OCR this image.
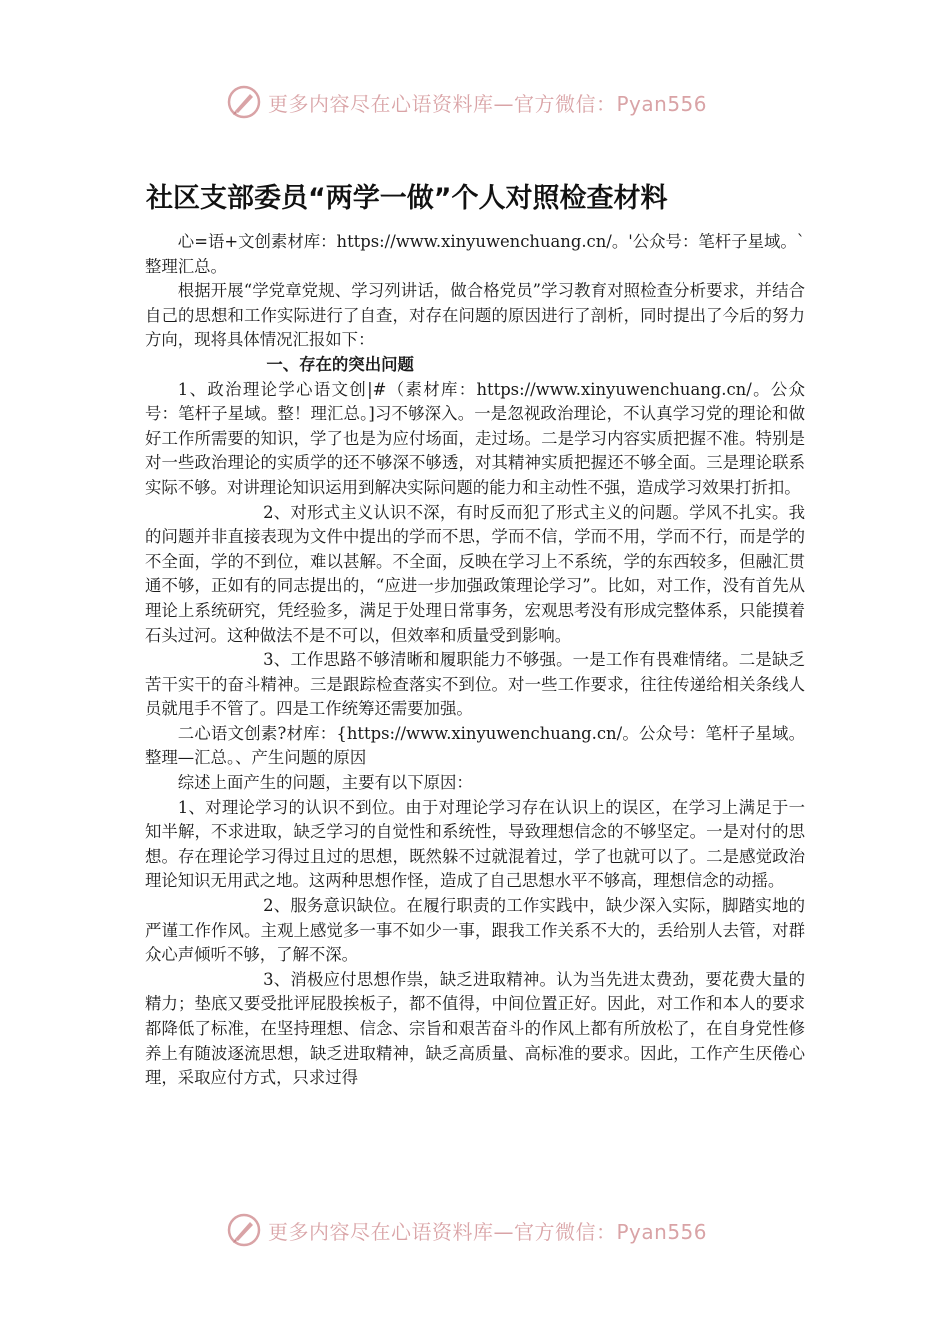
更多内容尽在心语资料库—官方微信：Pyan556
社区支部委员“两学一做”个人对照检查材料

心=语+文创素材库：https://www.xinyuwenchuang.cn/。'公众号：笔杆子星域。`整理汇总。

根据开展“学党章党规、学习列讲话，做合格党员”学习教育对照检查分析要求，并结合自己的思想和工作实际进行了自查，对存在问题的原因进行了剖析，同时提出了今后的努力方向，现将具体情况汇报如下：

一、存在的突出问题

1、政治理论学心语文创|#（素材库：https://www.xinyuwenchuang.cn/。公众号：笔杆子星域。整！理汇总。]习不够深入。一是忽视政治理论，不认真学习党的理论和做好工作所需要的知识，学了也是为应付场面，走过场。二是学习内容实质把握不准。特别是对一些政治理论的实质学的还不够深不够透，对其精神实质把握还不够全面。三是理论联系实际不够。对讲理论知识运用到解决实际问题的能力和主动性不强，造成学习效果打折扣。

2、对形式主义认识不深，有时反而犯了形式主义的问题。学风不扎实。我的问题并非直接表现为文件中提出的学而不思，学而不信，学而不用，学而不行，而是学的不全面，学的不到位，难以甚解。不全面，反映在学习上不系统，学的东西较多，但融汇贯通不够，正如有的同志提出的，“应进一步加强政策理论学习”。比如，对工作，没有首先从理论上系统研究，凭经验多，满足于处理日常事务，宏观思考没有形成完整体系，只能摸着石头过河。这种做法不是不可以，但效率和质量受到影响。

3、工作思路不够清晰和履职能力不够强。一是工作有畏难情绪。二是缺乏苦干实干的奋斗精神。三是跟踪检查落实不到位。对一些工作要求，往往传递给相关条线人员就甩手不管了。四是工作统筹还需要加强。

二心语文创素?材库：{https://www.xinyuwenchuang.cn/。公众号：笔杆子星域。整理—汇总。、产生问题的原因

综述上面产生的问题，主要有以下原因：

1、对理论学习的认识不到位。由于对理论学习存在认识上的误区，在学习上满足于一知半解，不求进取，缺乏学习的自觉性和系统性，导致理想信念的不够坚定。一是对付的思想。存在理论学习得过且过的思想，既然躲不过就混着过，学了也就可以了。二是感觉政治理论知识无用武之地。这两种思想作怪，造成了自己思想水平不够高，理想信念的动摇。

2、服务意识缺位。在履行职责的工作实践中，缺少深入实际，脚踏实地的严谨工作作风。主观上感觉多一事不如少一事，跟我工作关系不大的，丢给别人去管，对群众心声倾听不够，了解不深。

3、消极应付思想作祟，缺乏进取精神。认为当先进太费劲，要花费大量的精力；垫底又要受批评屁股挨板子，都不值得，中间位置正好。因此，对工作和本人的要求都降低了标准，在坚持理想、信念、宗旨和艰苦奋斗的作风上都有所放松了，在自身党性修养上有随波逐流思想，缺乏进取精神，缺乏高质量、高标准的要求。因此，工作产生厌倦心理，采取应付方式，只求过得

更多内容尽在心语资料库—官方微信：Pyan556
